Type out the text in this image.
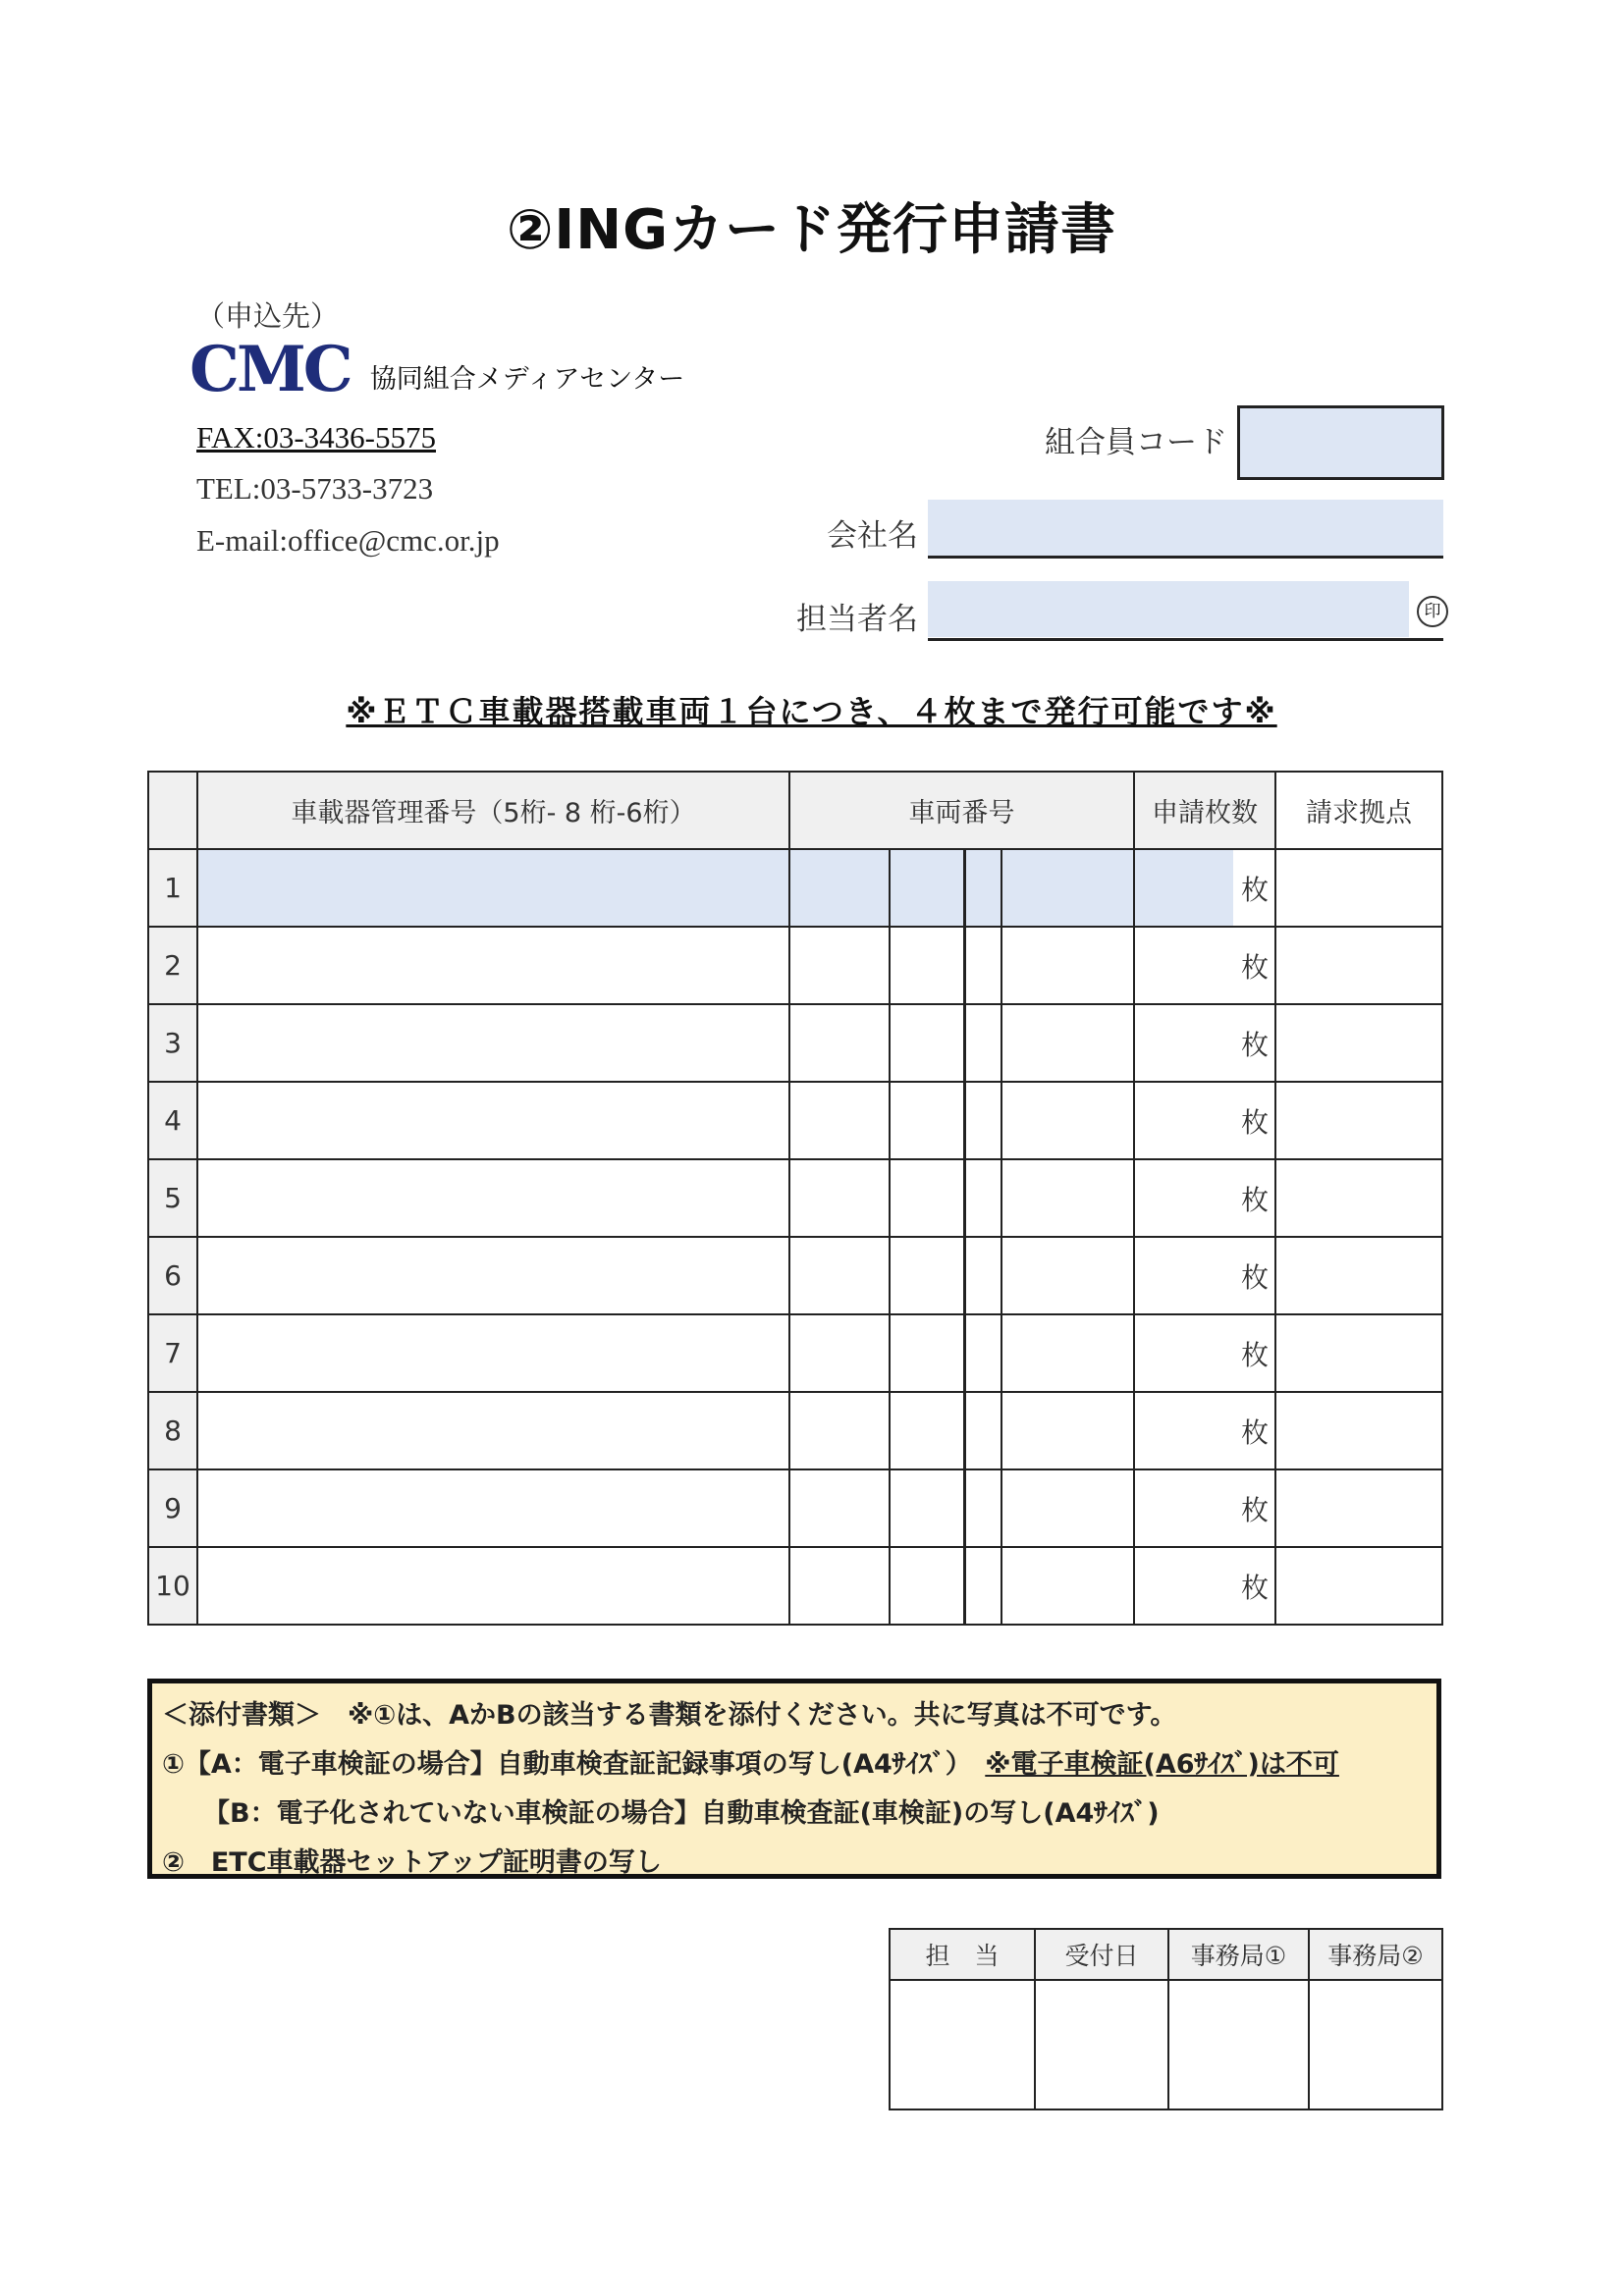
②INGカード発行申請書
（申込先）
CMC 協同組合メディアセンター
FAX:03-3436-5575
TEL:03-5733-3723
E-mail:office@cmc.or.jp
組合員コード
会社名
担当者名	印
※ＥＴＣ車載器搭載車両１台につき、４枚まで発行可能です※
	車載器管理番号（5桁- 8 桁-6桁）	車両番号				申請枚数	請求拠点
1						枚	
2						枚	
3						枚	
4						枚	
5						枚	
6						枚	
7						枚	
8						枚	
9						枚	
10						枚	
＜添付書類＞　※①は、AかBの該当する書類を添付ください。共に写真は不可です。
①【A：電子車検証の場合】自動車検査証記録事項の写し(A4ｻｲｽﾞ）　 ※電子車検証(A6ｻｲｽﾞ)は不可
【B：電子化されていない車検証の場合】自動車検査証(車検証)の写し(A4ｻｲｽﾞ)
②　ETC車載器セットアップ証明書の写し
担　当	受付日	事務局①	事務局②
